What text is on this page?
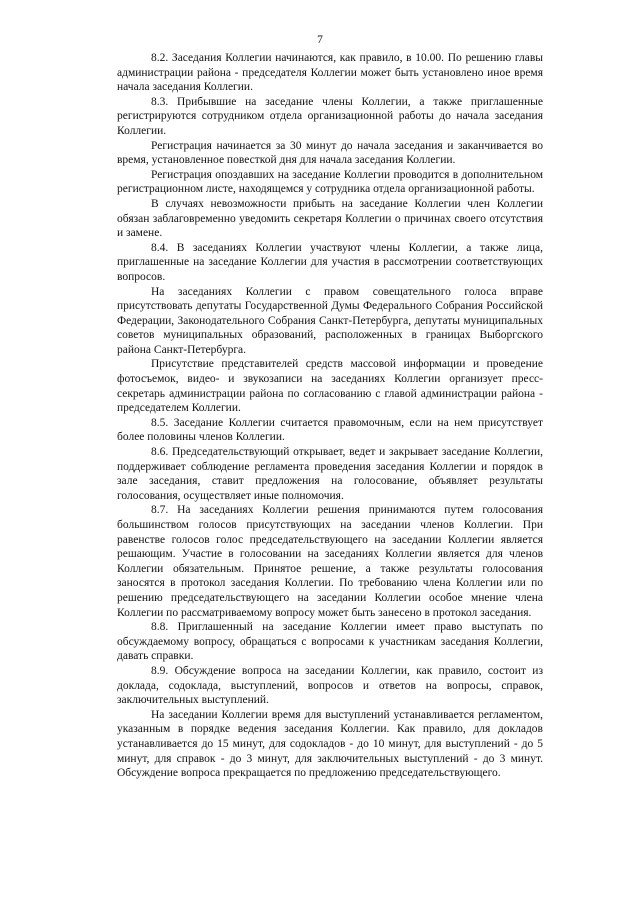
7

8.2. Заседания Коллегии начинаются, как правило, в 10.00. По решению главы администрации района - председателя Коллегии может быть установлено иное время начала заседания Коллегии.

8.3. Прибывшие на заседание члены Коллегии, а также приглашенные регистрируются сотрудником отдела организационной работы до начала заседания Коллегии.

Регистрация начинается за 30 минут до начала заседания и заканчивается во время, установленное повесткой дня для начала заседания Коллегии.

Регистрация опоздавших на заседание Коллегии проводится в дополнительном регистрационном листе, находящемся у сотрудника отдела организационной работы.

В случаях невозможности прибыть на заседание Коллегии член Коллегии обязан заблаговременно уведомить секретаря Коллегии о причинах своего отсутствия и замене.

8.4. В заседаниях Коллегии участвуют члены Коллегии, а также лица, приглашенные на заседание Коллегии для участия в рассмотрении соответствующих вопросов.

На заседаниях Коллегии с правом совещательного голоса вправе присутствовать депутаты Государственной Думы Федерального Собрания Российской Федерации, Законодательного Собрания Санкт-Петербурга, депутаты муниципальных советов муниципальных образований, расположенных в границах Выборгского района Санкт-Петербурга.

Присутствие представителей средств массовой информации и проведение фотосъемок, видео- и звукозаписи на заседаниях Коллегии организует пресс-секретарь администрации района по согласованию с главой администрации района - председателем Коллегии.

8.5. Заседание Коллегии считается правомочным, если на нем присутствует более половины членов Коллегии.

8.6. Председательствующий открывает, ведет и закрывает заседание Коллегии, поддерживает соблюдение регламента проведения заседания Коллегии и порядок в зале заседания, ставит предложения на голосование, объявляет результаты голосования, осуществляет иные полномочия.

8.7. На заседаниях Коллегии решения принимаются путем голосования большинством голосов присутствующих на заседании членов Коллегии. При равенстве голосов голос председательствующего на заседании Коллегии является решающим. Участие в голосовании на заседаниях Коллегии является для членов Коллегии обязательным. Принятое решение, а также результаты голосования заносятся в протокол заседания Коллегии. По требованию члена Коллегии или по решению председательствующего на заседании Коллегии особое мнение члена Коллегии по рассматриваемому вопросу может быть занесено в протокол заседания.

8.8. Приглашенный на заседание Коллегии имеет право выступать по обсуждаемому вопросу, обращаться с вопросами к участникам заседания Коллегии, давать справки.

8.9. Обсуждение вопроса на заседании Коллегии, как правило, состоит из доклада, содоклада, выступлений, вопросов и ответов на вопросы, справок, заключительных выступлений.

На заседании Коллегии время для выступлений устанавливается регламентом, указанным в порядке ведения заседания Коллегии. Как правило, для докладов устанавливается до 15 минут, для содокладов - до 10 минут, для выступлений - до 5 минут, для справок - до 3 минут, для заключительных выступлений - до 3 минут. Обсуждение вопроса прекращается по предложению председательствующего.
